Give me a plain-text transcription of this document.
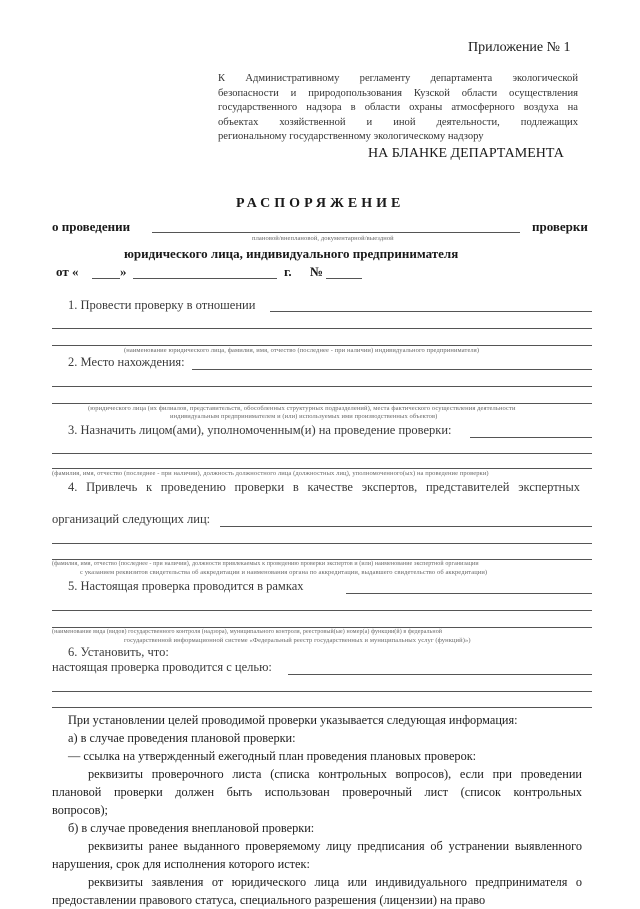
Приложение № 1
К Административному регламенту департамента экологической
безопасности и природопользования Кузской области осуществления
государственного надзора в области охраны атмосферного воздуха на
объектах хозяйственной и иной деятельности, подлежащих
региональному государственному экологическому надзору
НА БЛАНКЕ ДЕПАРТАМЕНТА
РАСПОРЯЖЕНИЕ
о проведении	проверки
плановой/внеплановой, документарной/выездной
юридического лица, индивидуального предпринимателя
от «	»	г. №
1. Провести проверку в отношении
(наименование юридического лица, фамилия, имя, отчество (последнее - при наличии) индивидуального предпринимателя)
2. Место нахождения:
(юридического лица (их филиалов, представительств, обособленных структурных подразделений), места фактического осуществления деятельности
индивидуальным предпринимателем и (или) используемых ими производственных объектов)
3. Назначить лицом(ами), уполномоченным(и) на проведение проверки:
(фамилия, имя, отчество (последнее - при наличии), должность должностного лица (должностных лиц), уполномоченного(ых) на проведение проверки)
4. Привлечь к проведению проверки в качестве экспертов, представителей экспертных
организаций следующих лиц:
(фамилия, имя, отчество (последнее - при наличии), должности привлекаемых к проведению проверки экспертов и (или) наименование экспертной организации
с указанием реквизитов свидетельства об аккредитации и наименования органа по аккредитации, выдавшего свидетельство об аккредитации)
5. Настоящая проверка проводится в рамках
(наименование вида (видов) государственного контроля (надзора), муниципального контроля, реестровый(ые) номер(а) функции(й) в федеральной
государственной информационной системе «Федеральный реестр государственных и муниципальных услуг (функций)»)
6. Установить, что:
настоящая проверка проводится с целью:
При установлении целей проводимой проверки указывается следующая информация:
а) в случае проведения плановой проверки:
— ссылка на утвержденный ежегодный план проведения плановых проверок:
реквизиты проверочного листа (списка контрольных вопросов), если при проведении
плановой проверки должен быть использован проверочный лист (список контрольных
вопросов);
б) в случае проведения внеплановой проверки:
реквизиты ранее выданного проверяемому лицу предписания об устранении выявленного
нарушения, срок для исполнения которого истек:
реквизиты заявления от юридического лица или индивидуального предпринимателя о
предоставлении правового статуса, специального разрешения (лицензии) на право
